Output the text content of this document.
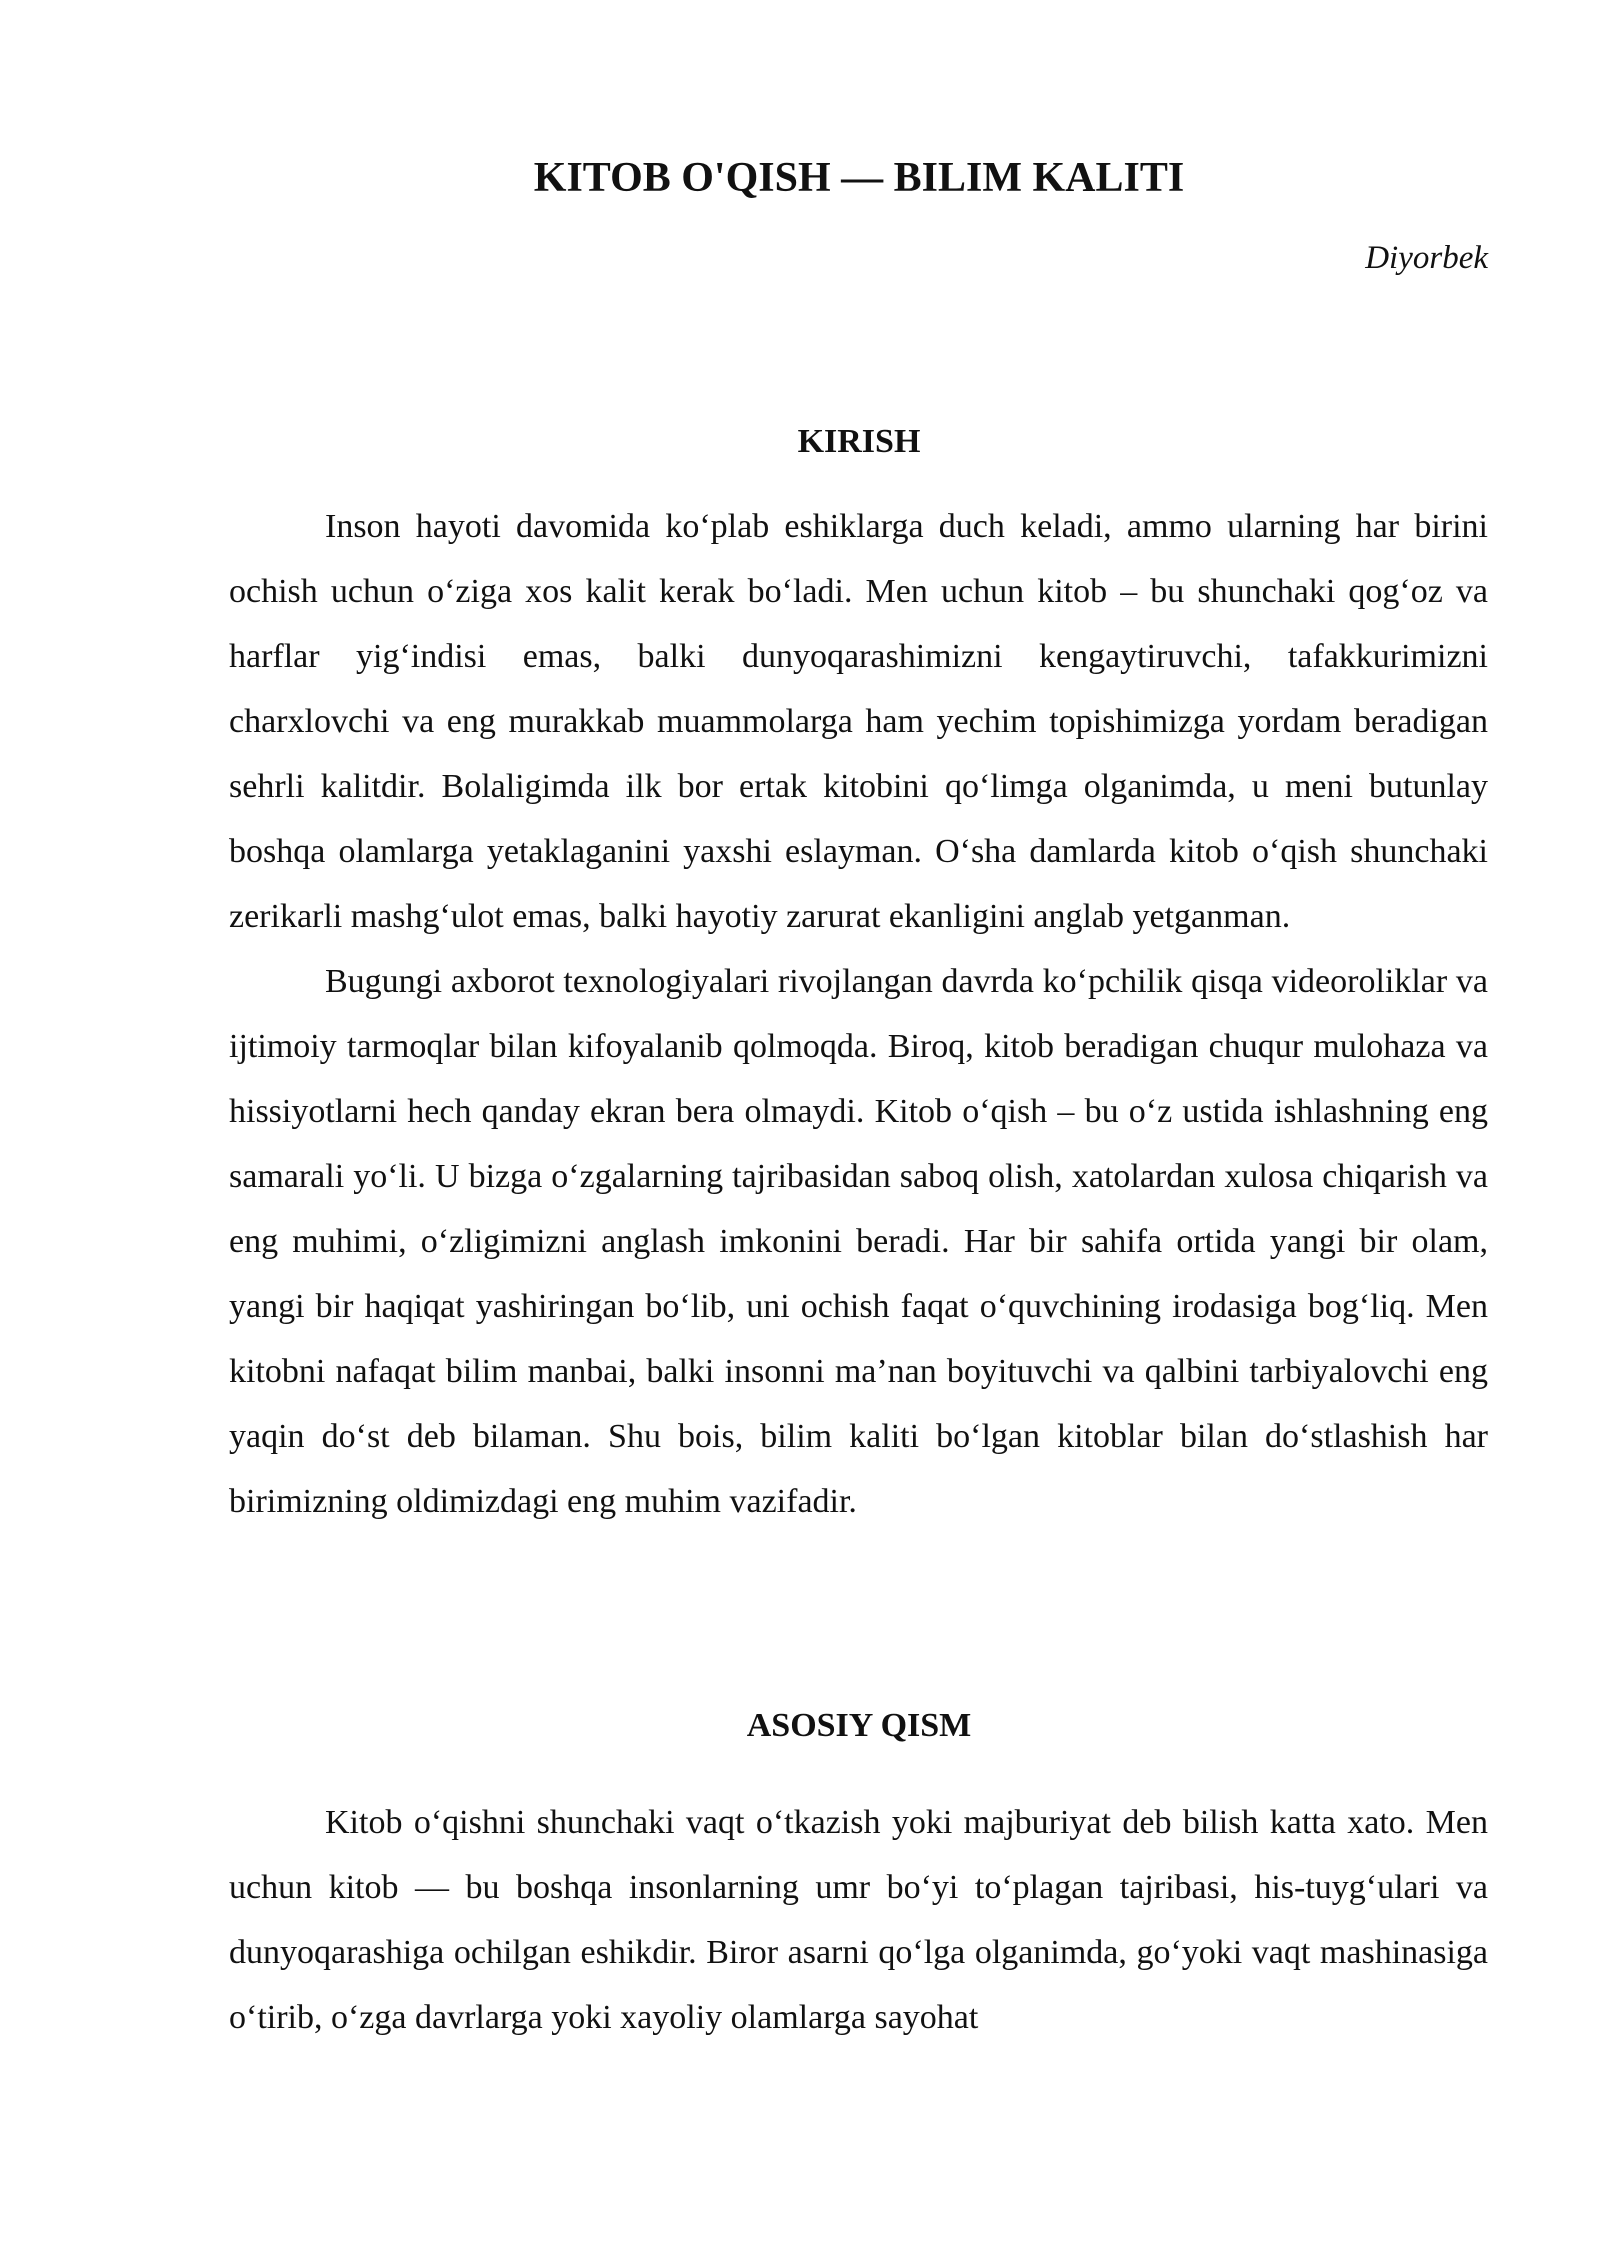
KITOB O'QISH — BILIM KALITI

Diyorbek

KIRISH

Inson hayoti davomida ko‘plab eshiklarga duch keladi, ammo ularning har birini ochish uchun o‘ziga xos kalit kerak bo‘ladi. Men uchun kitob – bu shunchaki qog‘oz va harflar yig‘indisi emas, balki dunyoqarashimizni kengaytiruvchi, tafakkurimizni charxlovchi va eng murakkab muammolarga ham yechim topishimizga yordam beradigan sehrli kalitdir. Bolaligimda ilk bor ertak kitobini qo‘limga olganimda, u meni butunlay boshqa olamlarga yetaklaganini yaxshi eslayman. O‘sha damlarda kitob o‘qish shunchaki zerikarli mashg‘ulot emas, balki hayotiy zarurat ekanligini anglab yetganman.

Bugungi axborot texnologiyalari rivojlangan davrda ko‘pchilik qisqa videoroliklar va ijtimoiy tarmoqlar bilan kifoyalanib qolmoqda. Biroq, kitob beradigan chuqur mulohaza va hissiyotlarni hech qanday ekran bera olmaydi. Kitob o‘qish – bu o‘z ustida ishlashning eng samarali yo‘li. U bizga o‘zgalarning tajribasidan saboq olish, xatolardan xulosa chiqarish va eng muhimi, o‘zligimizni anglash imkonini beradi. Har bir sahifa ortida yangi bir olam, yangi bir haqiqat yashiringan bo‘lib, uni ochish faqat o‘quvchining irodasiga bog‘liq. Men kitobni nafaqat bilim manbai, balki insonni ma’nan boyituvchi va qalbini tarbiyalovchi eng yaqin do‘st deb bilaman. Shu bois, bilim kaliti bo‘lgan kitoblar bilan do‘stlashish har birimizning oldimizdagi eng muhim vazifadir.

ASOSIY QISM

Kitob o‘qishni shunchaki vaqt o‘tkazish yoki majburiyat deb bilish katta xato. Men uchun kitob — bu boshqa insonlarning umr bo‘yi to‘plagan tajribasi, his-tuyg‘ulari va dunyoqarashiga ochilgan eshikdir. Biror asarni qo‘lga olganimda, go‘yoki vaqt mashinasiga o‘tirib, o‘zga davrlarga yoki xayoliy olamlarga sayohat
